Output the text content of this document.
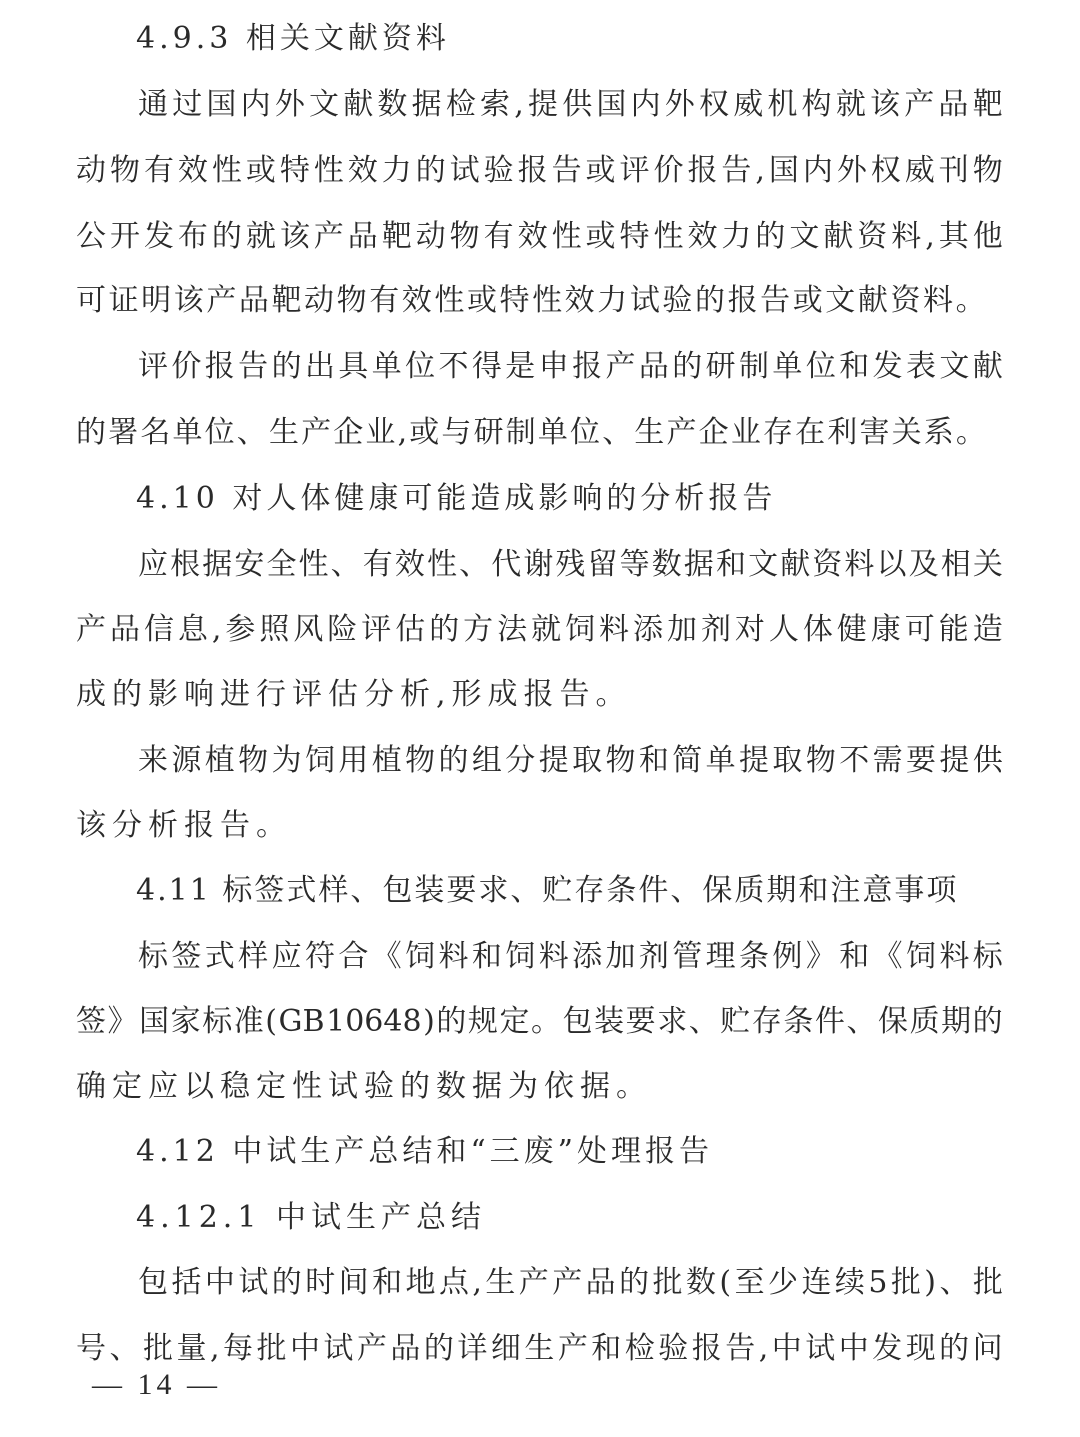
4.9.3 相关文献资料
通 过 国 内 外 文 献 数 据 检 索 , 提 供 国 内 外 权 威 机 构 就 该 产 品 靶
动 物 有 效 性 或 特 性 效 力 的 试 验 报 告 或 评 价 报 告 , 国 内 外 权 威 刊 物
公 开 发 布 的 就 该 产 品 靶 动 物 有 效 性 或 特 性 效 力 的 文 献 资 料 , 其 他
可 证 明 该 产 品 靶 动 物 有 效 性 或 特 性 效 力 试 验 的 报 告 或 文 献 资 料 。
评 价 报 告 的 出 具 单 位 不 得 是 申 报 产 品 的 研 制 单 位 和 发 表 文 献
的 署 名 单 位 、 生 产 企 业 , 或 与 研 制 单 位 、 生 产 企 业 存 在 利 害 关 系 。
4.10 对人体健康可能造成影响的分析报告
应 根 据 安 全 性 、 有 效 性 、 代 谢 残 留 等 数 据 和 文 献 资 料 以 及 相 关
产 品 信 息 , 参 照 风 险 评 估 的 方 法 就 饲 料 添 加 剂 对 人 体 健 康 可 能 造
成的影响进行评估分析,形成报告。
来 源 植 物 为 饲 用 植 物 的 组 分 提 取 物 和 简 单 提 取 物 不 需 要 提 供
该分析报告。
4.11 标签式样、包装要求、贮存条件、保质期和注意事项
标 签 式 样 应 符 合 《 饲 料 和 饲 料 添 加 剂 管 理 条 例 》 和 《 饲 料 标
签 》 国 家 标 准 ( GB 10648 ) 的 规 定 。 包 装 要 求 、 贮 存 条 件 、 保 质 期 的
确定应以稳定性试验的数据为依据。
4.12 中试生产总结和“三废”处理报告
4.12.1 中试生产总结
包 括 中 试 的 时 间 和 地 点 , 生 产 产 品 的 批 数 ( 至 少 连 续 5 批 ) 、 批
号 、 批 量 , 每 批 中 试 产 品 的 详 细 生 产 和 检 验 报 告 , 中 试 中 发 现 的 问
— 14 —
